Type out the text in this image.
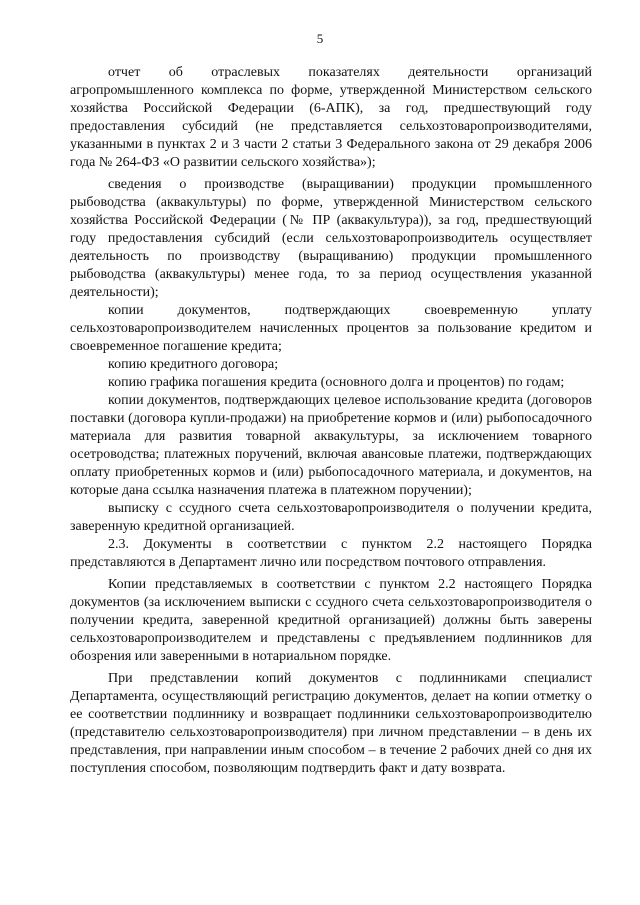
5

отчет об отраслевых показателях деятельности организаций агропромышленного комплекса по форме, утвержденной Министерством сельского хозяйства Российской Федерации (6-АПК), за год, предшествующий году предоставления субсидий (не представляется сельхозтоваропроизводителями, указанными в пунктах 2 и 3 части 2 статьи 3 Федерального закона от 29 декабря 2006 года № 264-ФЗ «О развитии сельского хозяйства»);

сведения о производстве (выращивании) продукции промышленного рыбоводства (аквакультуры) по форме, утвержденной Министерством сельского хозяйства Российской Федерации (№ ПР (аквакультура)), за год, предшествующий году предоставления субсидий (если сельхозтоваропроизводитель осуществляет деятельность по производству (выращиванию) продукции промышленного рыбоводства (аквакультуры) менее года, то за период осуществления указанной деятельности);

копии документов, подтверждающих своевременную уплату сельхозтоваропроизводителем начисленных процентов за пользование кредитом и своевременное погашение кредита;

копию кредитного договора;

копию графика погашения кредита (основного долга и процентов) по годам;

копии документов, подтверждающих целевое использование кредита (договоров поставки (договора купли-продажи) на приобретение кормов и (или) рыбопосадочного материала для развития товарной аквакультуры, за исключением товарного осетроводства; платежных поручений, включая авансовые платежи, подтверждающих оплату приобретенных кормов и (или) рыбопосадочного материала, и документов, на которые дана ссылка назначения платежа в платежном поручении);

выписку с ссудного счета сельхозтоваропроизводителя о получении кредита, заверенную кредитной организацией.

2.3. Документы в соответствии с пунктом 2.2 настоящего Порядка представляются в Департамент лично или посредством почтового отправления.

Копии представляемых в соответствии с пунктом 2.2 настоящего Порядка документов (за исключением выписки с ссудного счета сельхозтоваропроизводителя о получении кредита, заверенной кредитной организацией) должны быть заверены сельхозтоваропроизводителем и представлены с предъявлением подлинников для обозрения или заверенными в нотариальном порядке.

При представлении копий документов с подлинниками специалист Департамента, осуществляющий регистрацию документов, делает на копии отметку о ее соответствии подлиннику и возвращает подлинники сельхозтоваропроизводителю (представителю сельхозтоваропроизводителя) при личном представлении – в день их представления, при направлении иным способом – в течение 2 рабочих дней со дня их поступления способом, позволяющим подтвердить факт и дату возврата.
